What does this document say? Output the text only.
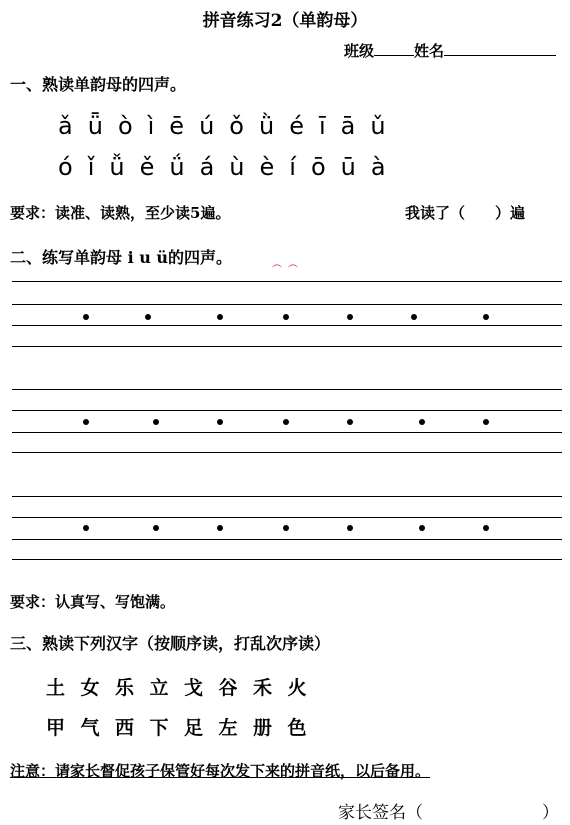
拼音练习2（单韵母）
班级	姓名
一、熟读单韵母的四声。
ǎ ǖ ò ì ē ú ǒ ǜ é ī ā ǔ
ó ǐ ǚ ě ǘ á ù è í ō ū à
要求：读准、读熟，至少读5遍。	我读了（　　）遍
二、练写单韵母 i u ü的四声。	︵︵
要求：认真写、写饱满。
三、熟读下列汉字（按顺序读，打乱次序读）
土 女 乐 立 戈 谷 禾 火
甲 气 西 下 足 左 册 色
注意：请家长督促孩子保管好每次发下来的拼音纸，以后备用。
家长签名（　　　　　　　）
